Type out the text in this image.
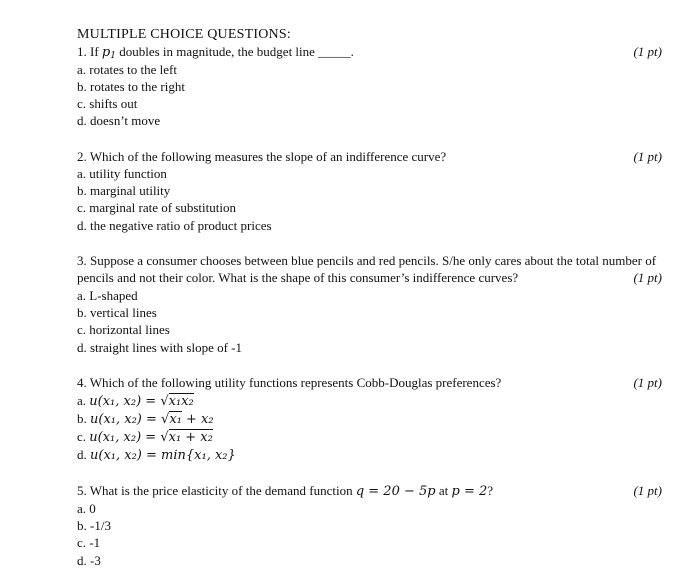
MULTIPLE CHOICE QUESTIONS:
1. If $p_1$ doubles in magnitude, the budget line _____.	(1 pt)
a. rotates to the left
b. rotates to the right
c. shifts out
d. doesn’t move
2. Which of the following measures the slope of an indifference curve?	(1 pt)
a. utility function
b. marginal utility
c. marginal rate of substitution
d. the negative ratio of product prices
3. Suppose a consumer chooses between blue pencils and red pencils. S/he only cares about the total number of
pencils and not their color. What is the shape of this consumer’s indifference curves?	(1 pt)
a. L-shaped
b. vertical lines
c. horizontal lines
d. straight lines with slope of -1
4. Which of the following utility functions represents Cobb-Douglas preferences?	(1 pt)
a. u(x₁, x₂) = √x₁x₂
b. u(x₁, x₂) = √x₁ + x₂
c. u(x₁, x₂) = √x₁ + x₂
d. u(x₁, x₂) = min{x₁, x₂}
5. What is the price elasticity of the demand function q = 20 − 5p at p = 2?	(1 pt)
a. 0
b. -1/3
c. -1
d. -3
